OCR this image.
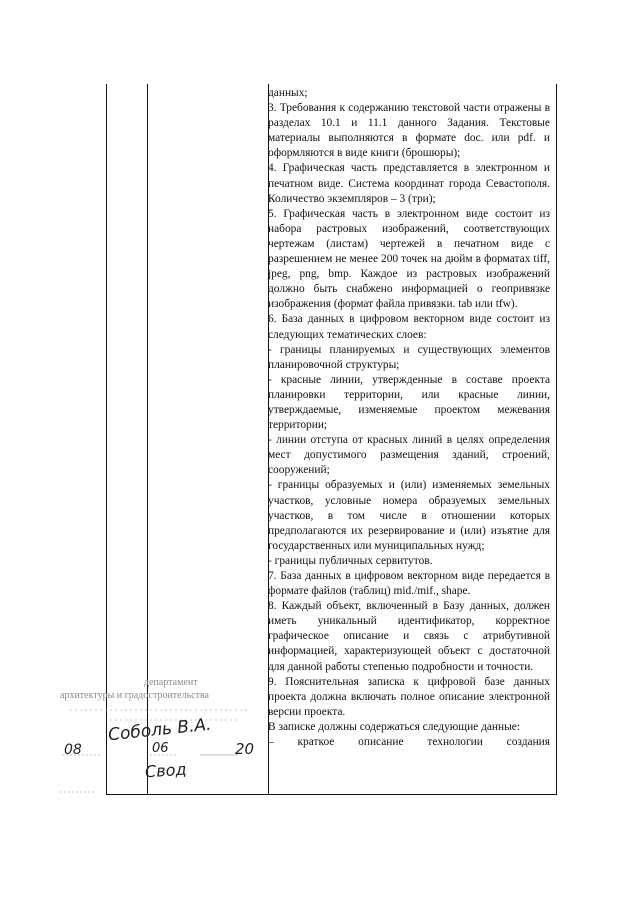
данных;

3. Требования к содержанию текстовой части отражены в разделах 10.1 и 11.1 данного Задания. Текстовые материалы выполняются в формате doc. или pdf. и оформляются в виде книги (брошюры);

4. Графическая часть представляется в электронном и печатном виде. Система координат города Севастополя. Количество экземпляров – 3 (три);

5. Графическая часть в электронном виде состоит из набора растровых изображений, соответствующих чертежам (листам) чертежей в печатном виде с разрешением не менее 200 точек на дюйм в форматах tiff, jpeg, png, bmp. Каждое из растровых изображений должно быть снабжено информацией о геопривязке изображения (формат файла привязки. tab или tfw).

6. База данных в цифровом векторном виде состоит из следующих тематических слоев:

- границы планируемых и существующих элементов планировочной структуры;

- красные линии, утвержденные в составе проекта планировки территории, или красные линии, утверждаемые, изменяемые проектом межевания территории;

- линии отступа от красных линий в целях определения мест допустимого размещения зданий, строений, сооружений;

- границы образуемых и (или) изменяемых земельных участков, условные номера образуемых земельных участков, в том числе в отношении которых предполагаются их резервирование и (или) изъятие для государственных или муниципальных нужд;

- границы публичных сервитутов.

7. База данных в цифровом векторном виде передается в формате файлов (таблиц) mid./mif., shape.

8. Каждый объект, включенный в Базу данных, должен иметь уникальный идентификатор, корректное графическое описание и связь с атрибутивной информацией, характеризующей объект с достаточной для данной работы степенью подробности и точности.

9. Пояснительная записка к цифровой базе данных проекта должна включать полное описание электронной версии проекта.

В записке должны содержаться следующие данные:

– краткое описание технологии создания

департамент
архитектуры и градостроительства
Соболь В.А.
08	06	20
Свод
